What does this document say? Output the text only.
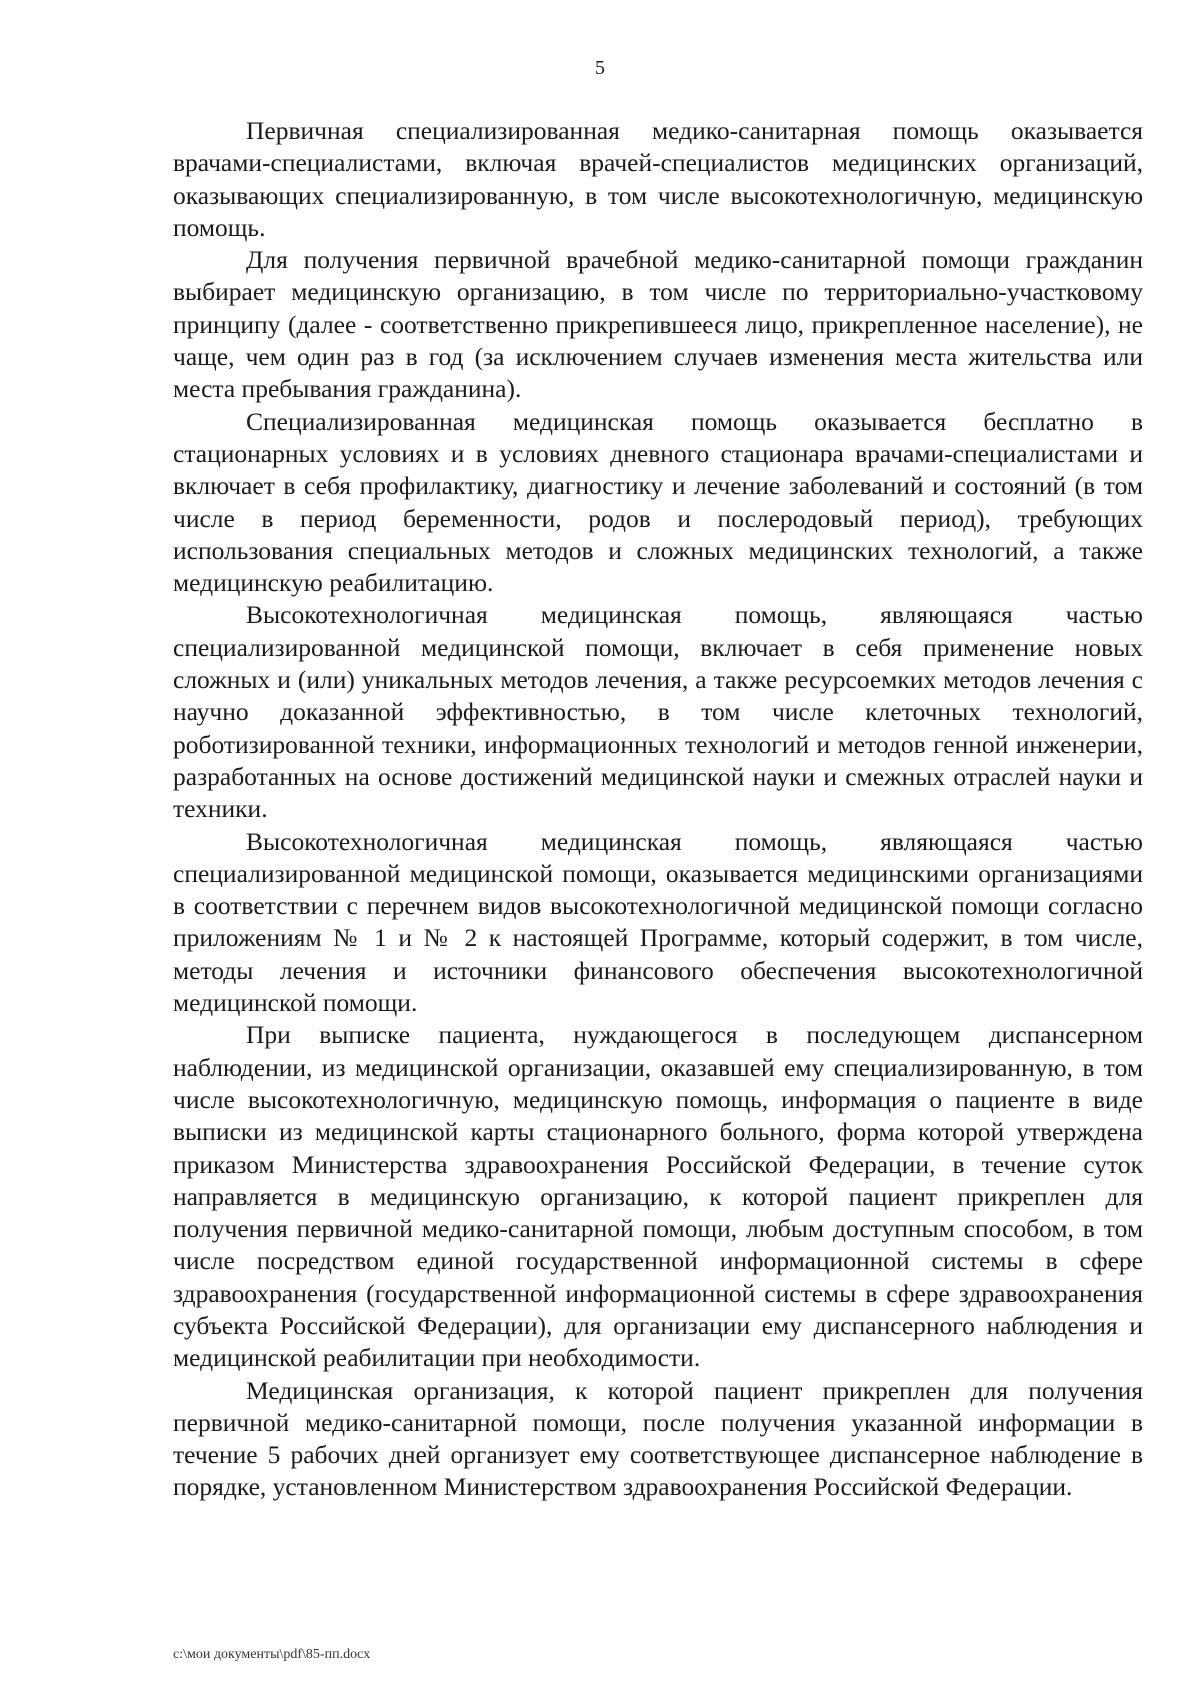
5

Первичная специализированная медико-санитарная помощь оказывается врачами-специалистами, включая врачей-специалистов медицинских организаций, оказывающих специализированную, в том числе высокотехнологичную, медицинскую помощь.

Для получения первичной врачебной медико-санитарной помощи гражданин выбирает медицинскую организацию, в том числе по территориально-участковому принципу (далее - соответственно прикрепившееся лицо, прикрепленное население), не чаще, чем один раз в год (за исключением случаев изменения места жительства или места пребывания гражданина).

Специализированная медицинская помощь оказывается бесплатно в стационарных условиях и в условиях дневного стационара врачами-специалистами и включает в себя профилактику, диагностику и лечение заболеваний и состояний (в том числе в период беременности, родов и послеродовый период), требующих использования специальных методов и сложных медицинских технологий, а также медицинскую реабилитацию.

Высокотехнологичная медицинская помощь, являющаяся частью специализированной медицинской помощи, включает в себя применение новых сложных и (или) уникальных методов лечения, а также ресурсоемких методов лечения с научно доказанной эффективностью, в том числе клеточных технологий, роботизированной техники, информационных технологий и методов генной инженерии, разработанных на основе достижений медицинской науки и смежных отраслей науки и техники.

Высокотехнологичная медицинская помощь, являющаяся частью специализированной медицинской помощи, оказывается медицинскими организациями в соответствии с перечнем видов высокотехнологичной медицинской помощи согласно приложениям № 1 и № 2 к настоящей Программе, который содержит, в том числе, методы лечения и источники финансового обеспечения высокотехнологичной медицинской помощи.

При выписке пациента, нуждающегося в последующем диспансерном наблюдении, из медицинской организации, оказавшей ему специализированную, в том числе высокотехнологичную, медицинскую помощь, информация о пациенте в виде выписки из медицинской карты стационарного больного, форма которой утверждена приказом Министерства здравоохранения Российской Федерации, в течение суток направляется в медицинскую организацию, к которой пациент прикреплен для получения первичной медико-санитарной помощи, любым доступным способом, в том числе посредством единой государственной информационной системы в сфере здравоохранения (государственной информационной системы в сфере здравоохранения субъекта Российской Федерации), для организации ему диспансерного наблюдения и медицинской реабилитации при необходимости.

Медицинская организация, к которой пациент прикреплен для получения первичной медико-санитарной помощи, после получения указанной информации в течение 5 рабочих дней организует ему соответствующее диспансерное наблюдение в порядке, установленном Министерством здравоохранения Российской Федерации.

c:\мои документы\pdf\85-пп.docx
